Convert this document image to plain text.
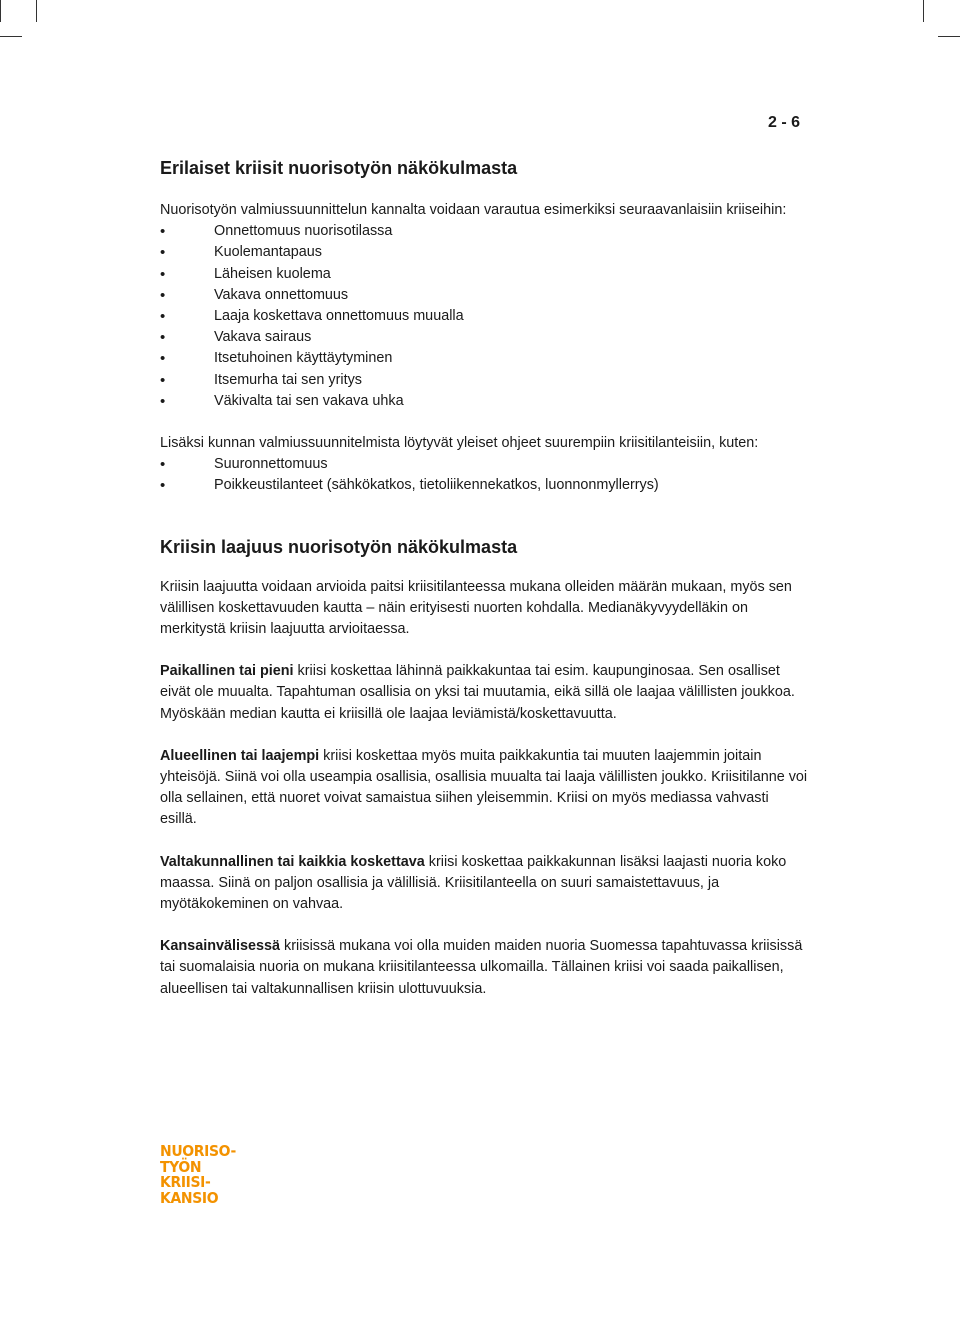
2 - 6
Erilaiset kriisit nuorisotyön näkökulmasta

Nuorisotyön valmiussuunnittelun kannalta voidaan varautua esimerkiksi seuraavanlaisiin kriiseihin:

• Onnettomuus nuorisotilassa
• Kuolemantapaus
• Läheisen kuolema
• Vakava onnettomuus
• Laaja koskettava onnettomuus muualla
• Vakava sairaus
• Itsetuhoinen käyttäytyminen
• Itsemurha tai sen yritys
• Väkivalta tai sen vakava uhka

Lisäksi kunnan valmiussuunnitelmista löytyvät yleiset ohjeet suurempiin kriisitilanteisiin, kuten:

• Suuronnettomuus
• Poikkeustilanteet (sähkökatkos, tietoliikennekatkos, luonnonmyllerrys)
Kriisin laajuus nuorisotyön näkökulmasta

Kriisin laajuutta voidaan arvioida paitsi kriisitilanteessa mukana olleiden määrän mukaan, myös sen välillisen koskettavuuden kautta – näin erityisesti nuorten kohdalla. Medianäkyvyydelläkin on merkitystä kriisin laajuutta arvioitaessa.

Paikallinen tai pieni kriisi koskettaa lähinnä paikkakuntaa tai esim. kaupunginosaa. Sen osalliset eivät ole muualta. Tapahtuman osallisia on yksi tai muutamia, eikä sillä ole laajaa välillisten joukkoa. Myöskään median kautta ei kriisillä ole laajaa leviämistä/koskettavuutta.

Alueellinen tai laajempi kriisi koskettaa myös muita paikkakuntia tai muuten laajemmin joitain yhteisöjä. Siinä voi olla useampia osallisia, osallisia muualta tai laaja välillisten joukko. Kriisitilanne voi olla sellainen, että nuoret voivat samaistua siihen yleisemmin. Kriisi on myös mediassa vahvasti esillä.

Valtakunnallinen tai kaikkia koskettava kriisi koskettaa paikkakunnan lisäksi laajasti nuoria koko maassa. Siinä on paljon osallisia ja välillisiä. Kriisitilanteella on suuri samaistettavuus, ja myötäkokeminen on vahvaa.

Kansainvälisessä kriisissä mukana voi olla muiden maiden nuoria Suomessa tapahtuvassa kriisissä tai suomalaisia nuoria on mukana kriisitilanteessa ulkomailla. Tällainen kriisi voi saada paikallisen, alueellisen tai valtakunnallisen kriisin ulottuvuuksia.

NUORISO-
TYÖN
KRIISI-
KANSIO
